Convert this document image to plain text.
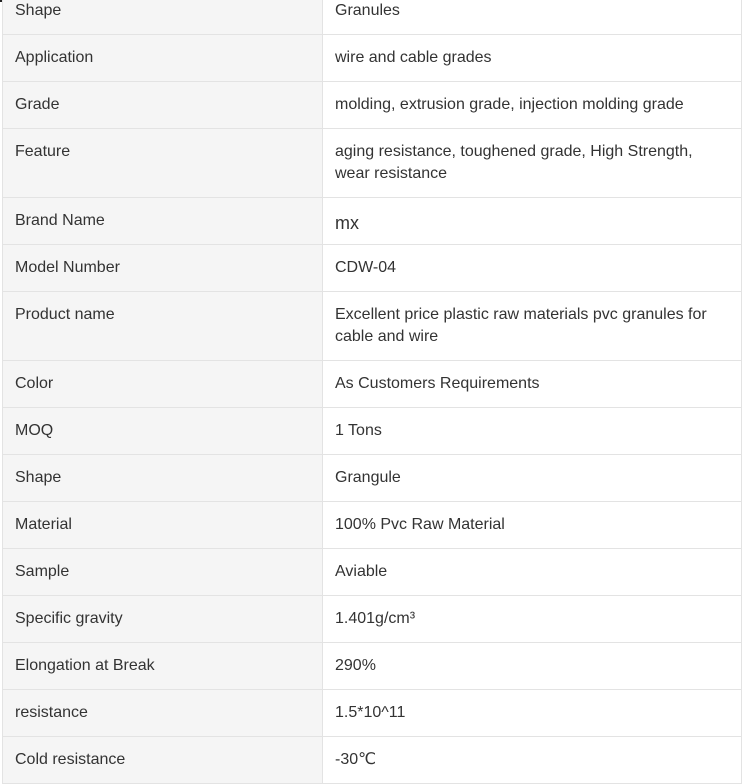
Shape	Granules
Application	wire and cable grades
Grade	molding, extrusion grade, injection molding grade
Feature	aging resistance, toughened grade, High Strength, wear resistance
Brand Name	mx
Model Number	CDW-04
Product name	Excellent price plastic raw materials pvc granules for cable and wire
Color	As Customers Requirements
MOQ	1 Tons
Shape	Grangule
Material	100% Pvc Raw Material
Sample	Aviable
Specific gravity	1.401g/cm³
Elongation at Break	290%
resistance	1.5*10^11
Cold resistance	-30℃
